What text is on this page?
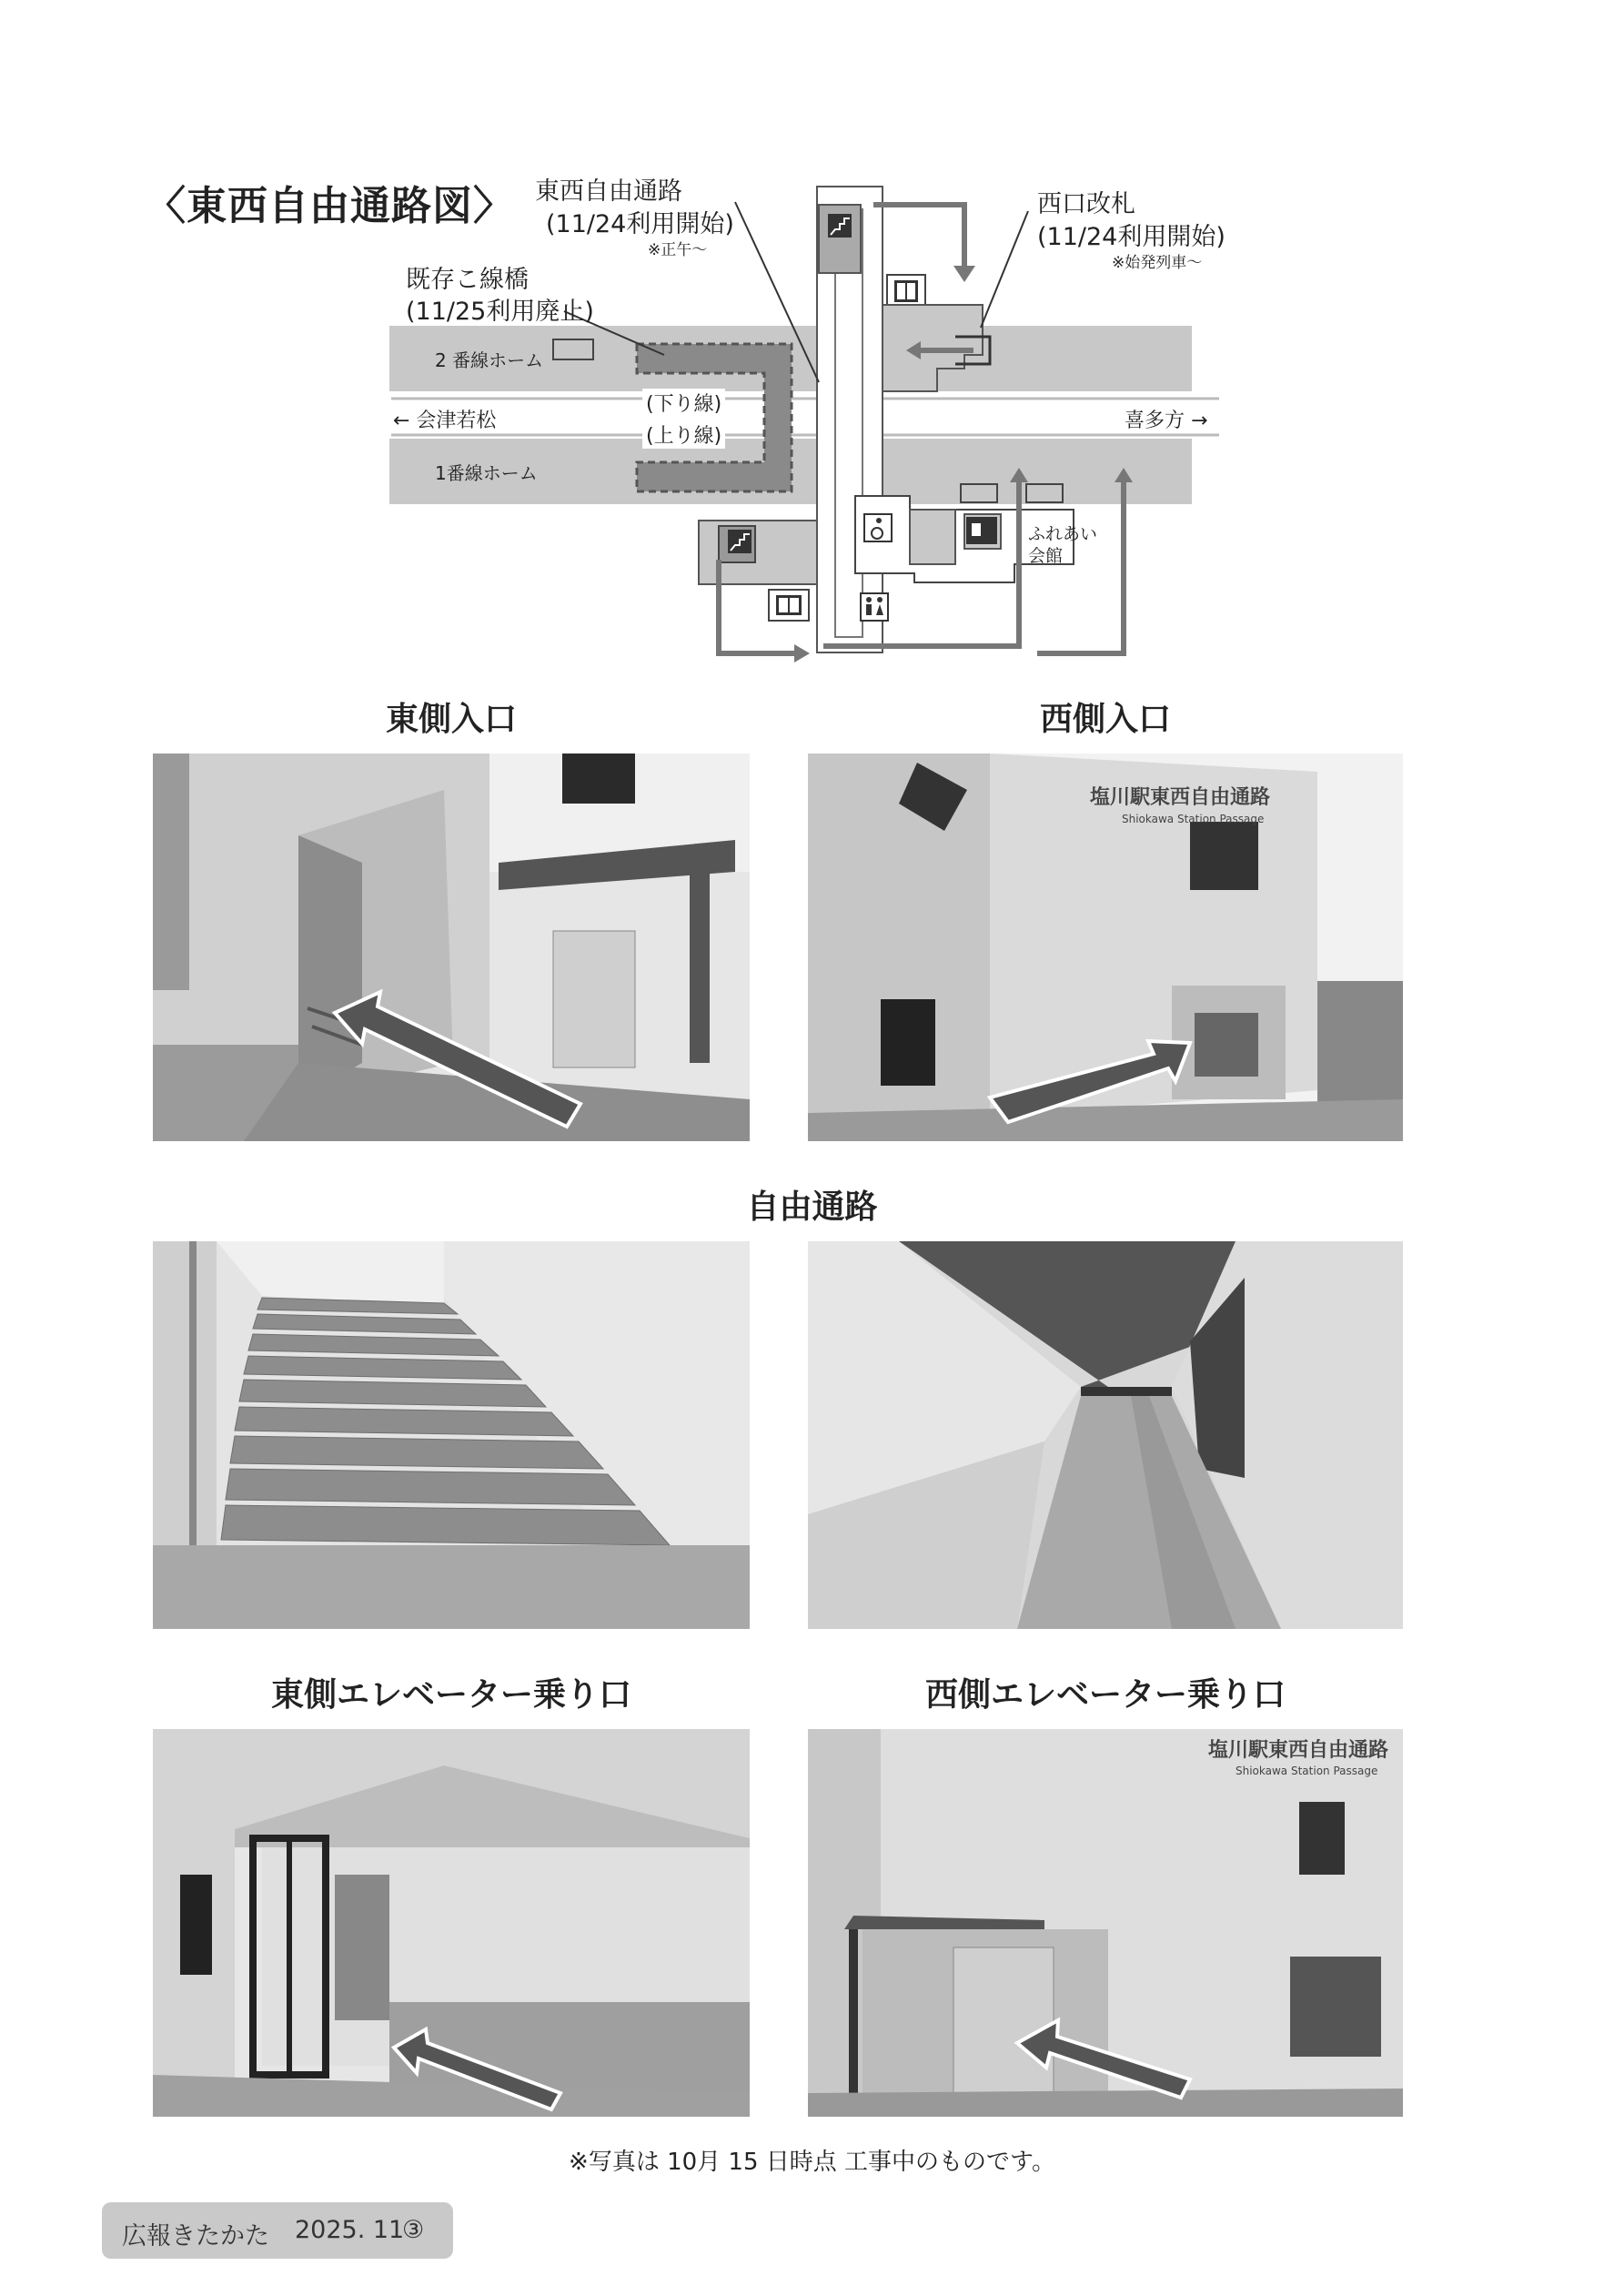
〈東西自由通路図〉 東西自由通路
(11/24利用開始)
※正午〜
西口改札
(11/24利用開始)
※始発列車〜
既存こ線橋
(11/25利用廃止)
2 番線ホーム
1番線ホーム
(下り線)
(上り線)
← 会津若松	喜多方 →
ふれあい
会館
東側入口	西側入口
自由通路
東側エレベーター乗り口	西側エレベーター乗り口
塩川駅東西自由通路
Shiokawa Station Passage
塩川駅東西自由通路
Shiokawa Station Passage
※写真は 10月 15 日時点 工事中のものです。
広報きたかた 2025. 11
③
